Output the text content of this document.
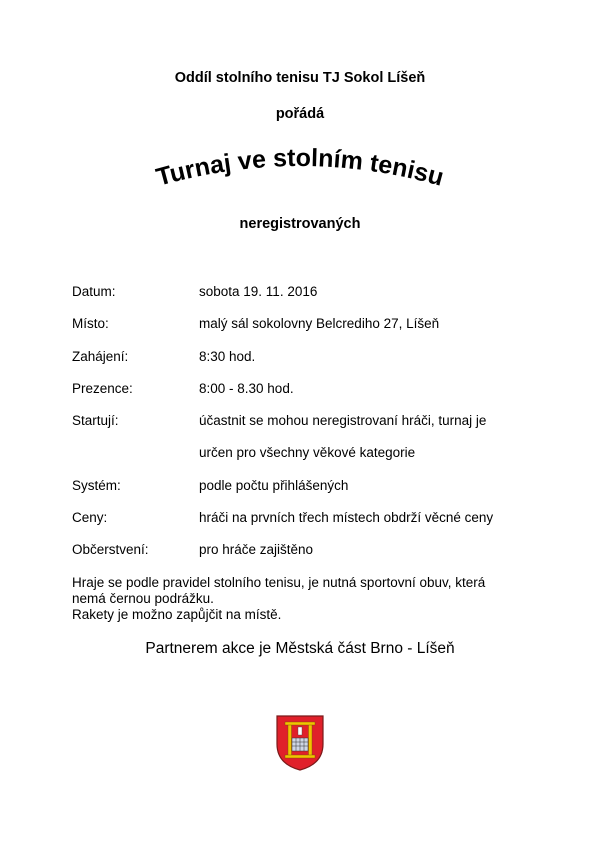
Oddíl stolního tenisu TJ Sokol Líšeň
pořádá
Turnaj ve stolním tenisu
neregistrovaných
Datum:	sobota 19. 11. 2016
Místo:	malý sál sokolovny Belcrediho 27, Líšeň
Zahájení:	8:30 hod.
Prezence:	8:00 - 8.30 hod.
Startují:	účastnit se mohou neregistrovaní hráči, turnaj je
určen pro všechny věkové kategorie
Systém:	podle počtu přihlášených
Ceny:	hráči na prvních třech místech obdrží věcné ceny
Občerstvení:	pro hráče zajištěno
Hraje se podle pravidel stolního tenisu, je nutná sportovní obuv, která
nemá černou podrážku.
Rakety je možno zapůjčit na místě.
Partnerem akce je Městská část Brno - Líšeň
